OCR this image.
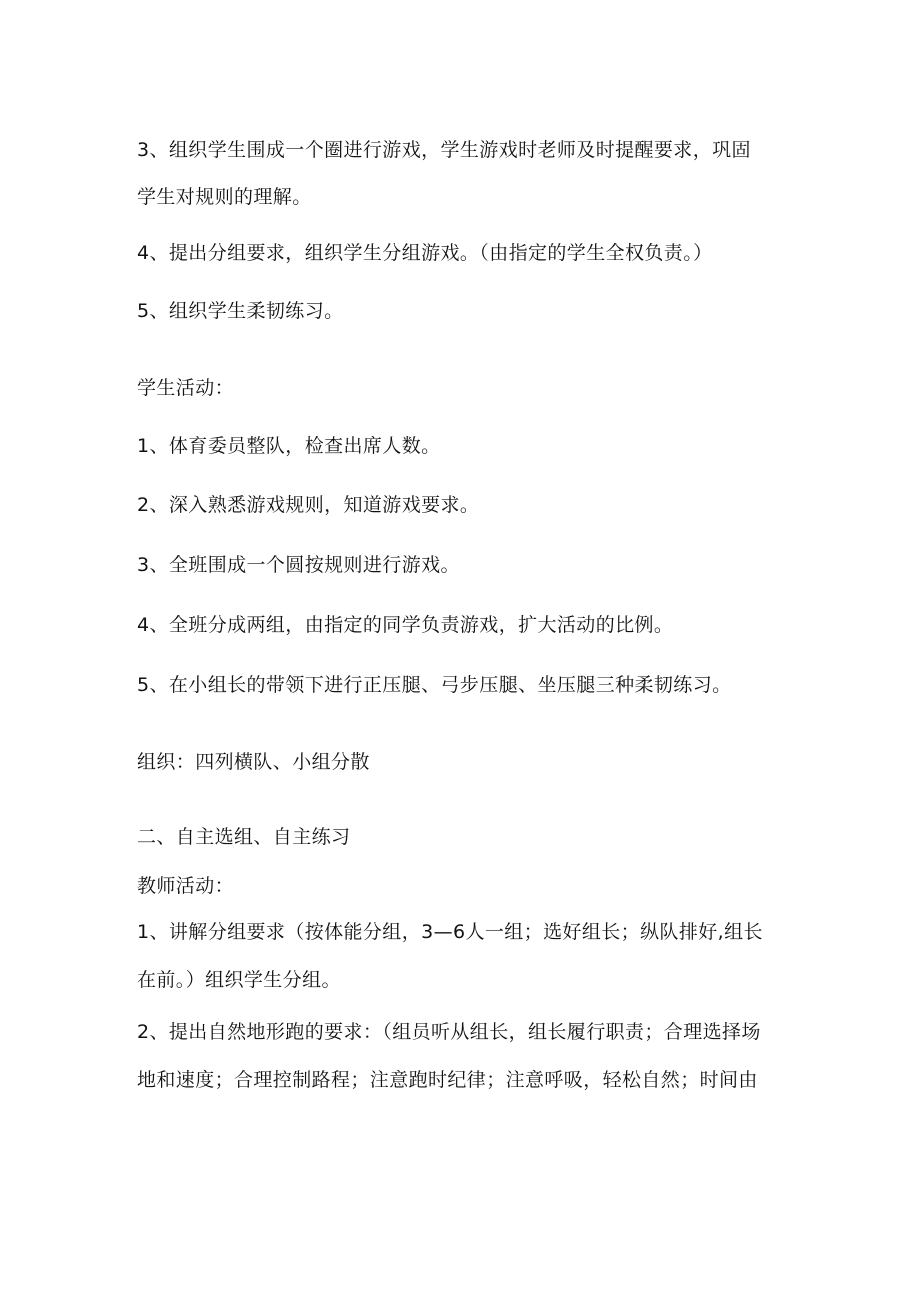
3、组织学生围成一个圈进行游戏，学生游戏时老师及时提醒要求，巩固
学生对规则的理解。
4、提出分组要求，组织学生分组游戏。（由指定的学生全权负责。）
5、组织学生柔韧练习。
学生活动：
1、体育委员整队，检查出席人数。
2、深入熟悉游戏规则，知道游戏要求。
3、全班围成一个圆按规则进行游戏。
4、全班分成两组，由指定的同学负责游戏，扩大活动的比例。
5、在小组长的带领下进行正压腿、弓步压腿、坐压腿三种柔韧练习。
组织：四列横队、小组分散
二、自主选组、自主练习
教师活动：
1、讲解分组要求（按体能分组，3—6人一组；选好组长；纵队排好,组长
在前。）组织学生分组。
2、提出自然地形跑的要求：（组员听从组长，组长履行职责；合理选择场
地和速度；合理控制路程；注意跑时纪律；注意呼吸，轻松自然；时间由
